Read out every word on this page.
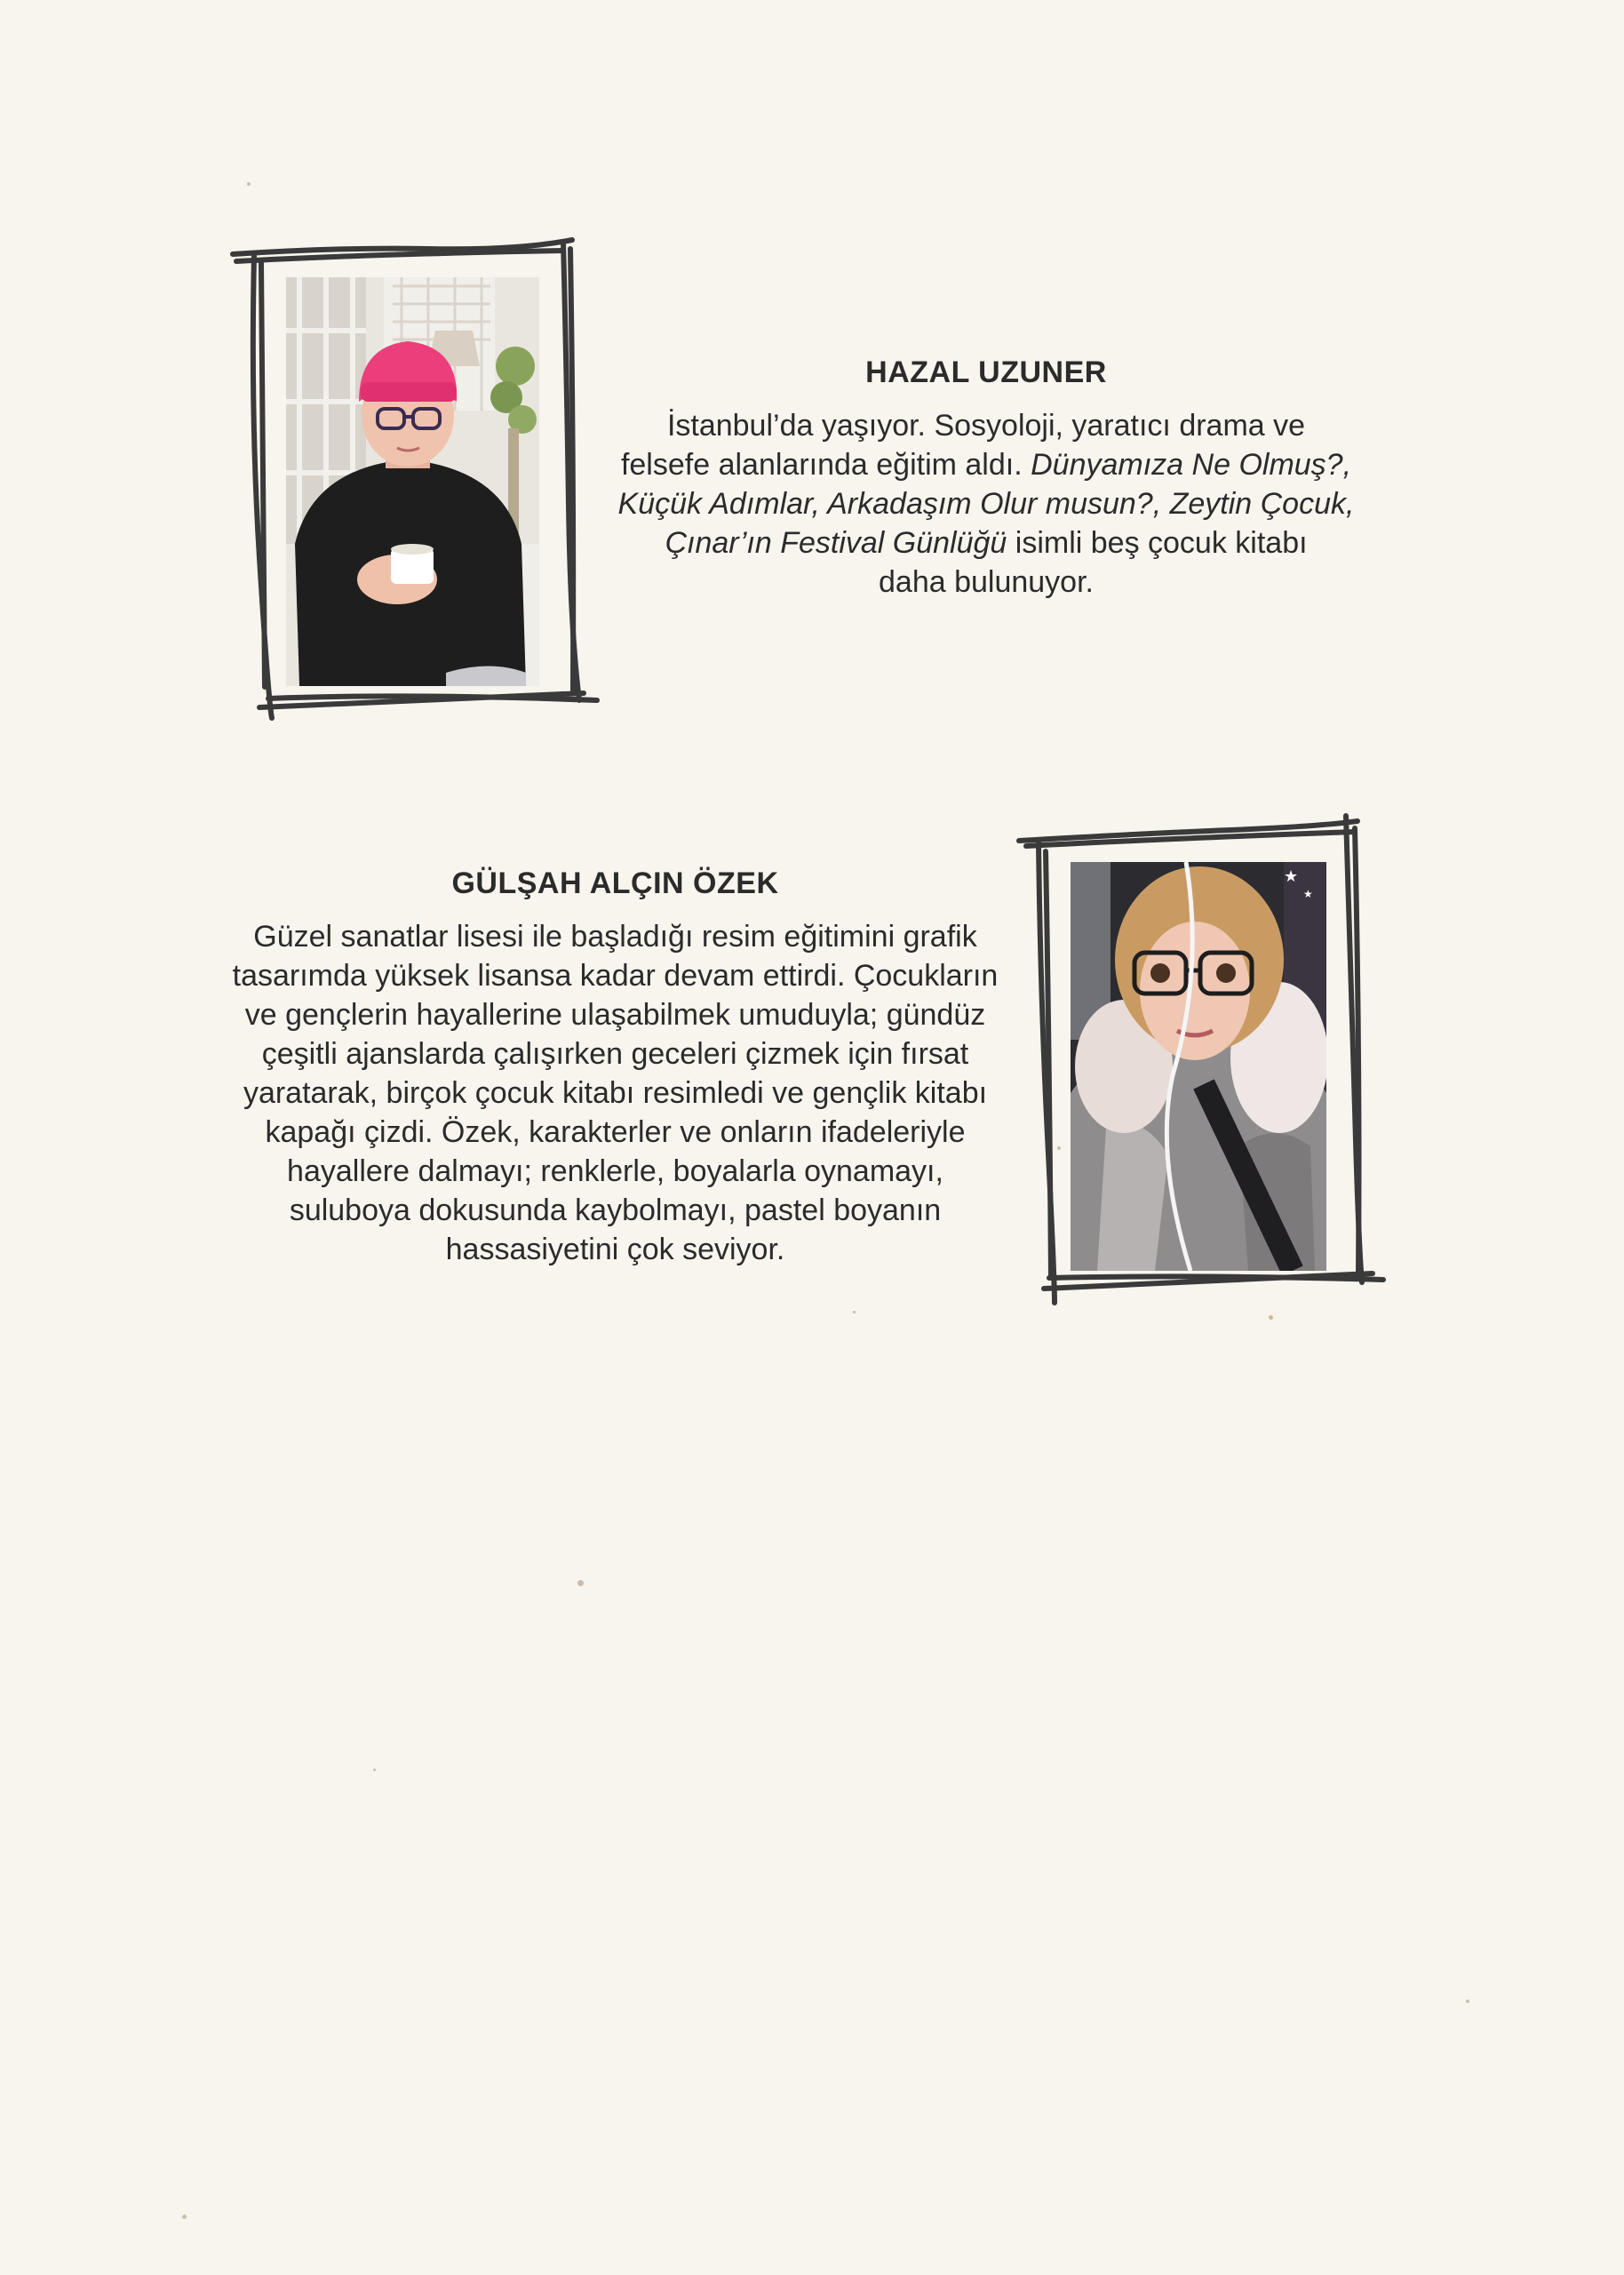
HAZAL UZUNER
İstanbul’da yaşıyor. Sosyoloji, yaratıcı drama ve
felsefe alanlarında eğitim aldı. Dünyamıza Ne Olmuş?,
Küçük Adımlar, Arkadaşım Olur musun?, Zeytin Çocuk,
Çınar’ın Festival Günlüğü isimli beş çocuk kitabı
daha bulunuyor.
GÜLŞAH ALÇIN ÖZEK
Güzel sanatlar lisesi ile başladığı resim eğitimini grafik
tasarımda yüksek lisansa kadar devam ettirdi. Çocukların
ve gençlerin hayallerine ulaşabilmek umuduyla; gündüz
çeşitli ajanslarda çalışırken geceleri çizmek için fırsat
yaratarak, birçok çocuk kitabı resimledi ve gençlik kitabı
kapağı çizdi. Özek, karakterler ve onların ifadeleriyle
hayallere dalmayı; renklerle, boyalarla oynamayı,
suluboya dokusunda kaybolmayı, pastel boyanın
hassasiyetini çok seviyor.
★
★
